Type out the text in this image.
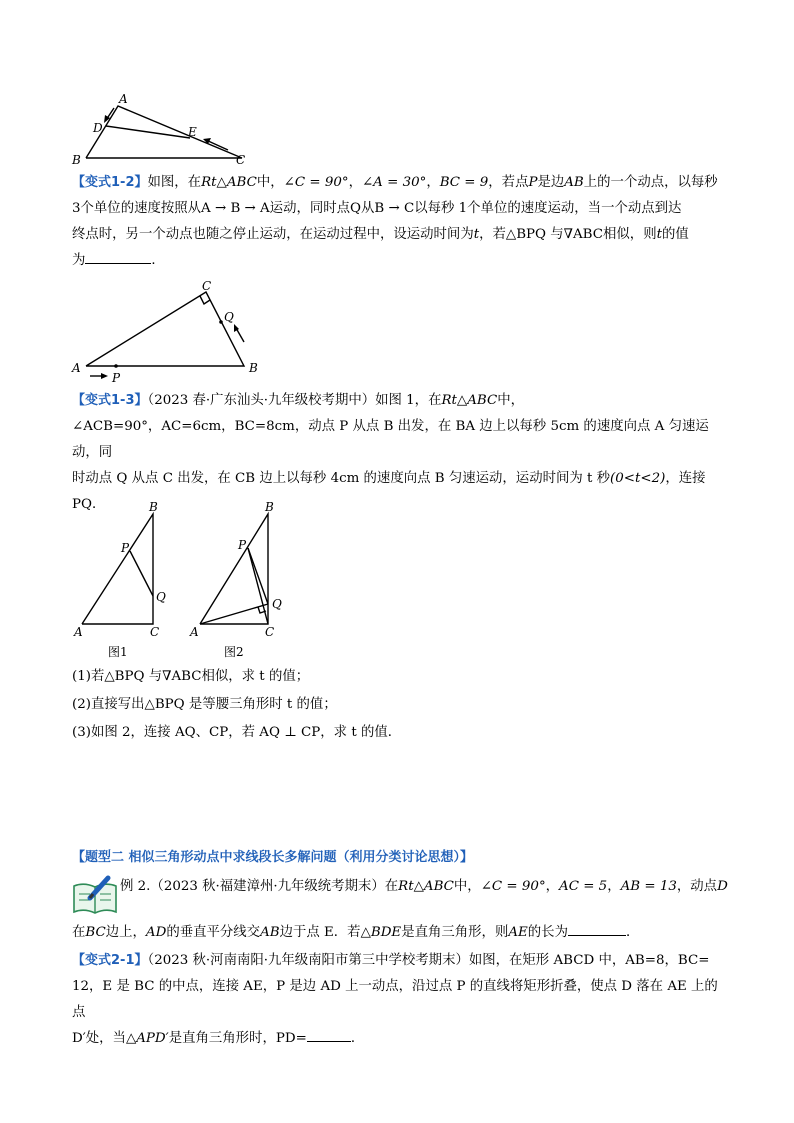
A
B	C
D	E
【变式1-2】如图，在Rt△ABC中，∠C = 90°，∠A = 30°，BC = 9，若点P是边AB上的一个动点，以每秒
3个单位的速度按照从A → B → A运动，同时点Q从B → C以每秒 1个单位的速度运动，当一个动点到达
终点时，另一个动点也随之停止运动，在运动过程中，设运动时间为t，若△BPQ 与∇ABC相似，则t的值
为	．
A	B
C
P
Q
【变式1-3】（2023 春·广东汕头·九年级校考期中）如图 1，在Rt△ABC中，
∠ACB=90°，AC=6cm，BC=8cm，动点 P 从点 B 出发，在 BA 边上以每秒 5cm 的速度向点 A 匀速运动，同
时动点 Q 从点 C 出发，在 CB 边上以每秒 4cm 的速度向点 B 匀速运动，运动时间为 t 秒(0<t<2)，连接
PQ．	B
P
Q
A	C
B
P
Q
A	C
图1	图2
(1)若△BPQ 与∇ABC相似，求 t 的值；
(2)直接写出△BPQ 是等腰三角形时 t 的值；
(3)如图 2，连接 AQ、CP，若 AQ ⊥ CP，求 t 的值．
【题型二 相似三角形动点中求线段长多解问题（利用分类讨论思想）】
例 2.（2023 秋·福建漳州·九年级统考期末）在Rt△ABC中，∠C = 90°，AC = 5，AB = 13，动点D
在BC边上，AD的垂直平分线交AB边于点 E．若△BDE是直角三角形，则AE的长为	．
【变式2-1】（2023 秋·河南南阳·九年级南阳市第三中学校考期末）如图，在矩形 ABCD 中，AB=8，BC=
12，E 是 BC 的中点，连接 AE，P 是边 AD 上一动点，沿过点 P 的直线将矩形折叠，使点 D 落在 AE 上的点
D′处，当△APD′是直角三角形时，PD=	．
